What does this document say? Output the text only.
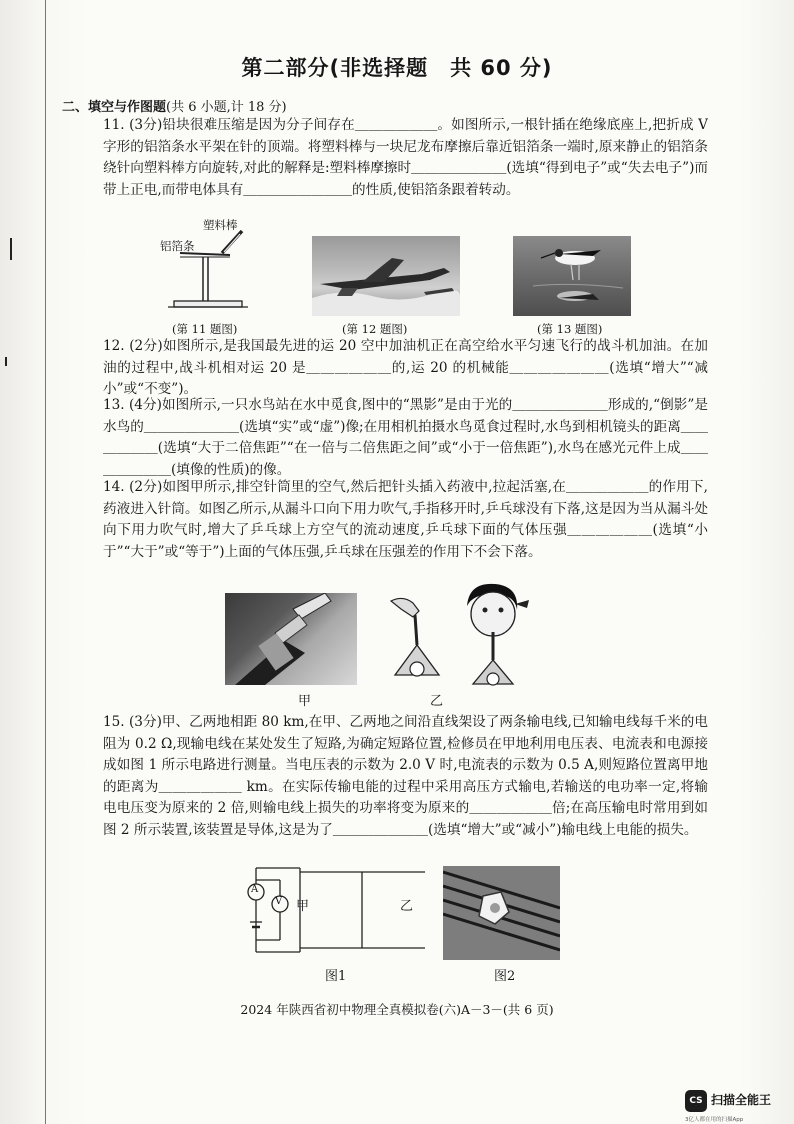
第二部分(非选择题　共 60 分)
二、填空与作图题(共 6 小题,计 18 分)
11. (3分)铅块很难压缩是因为分子间存在＿＿＿＿＿＿。如图所示,一根针插在绝缘底座上,把折成 V 字形的铝箔条水平架在针的顶端。将塑料棒与一块尼龙布摩擦后靠近铝箔条一端时,原来静止的铝箔条绕针向塑料棒方向旋转,对此的解释是:塑料棒摩擦时＿＿＿＿＿＿＿(选填“得到电子”或“失去电子”)而带上正电,而带电体具有＿＿＿＿＿＿＿＿的性质,使铝箔条跟着转动。
塑料棒
铝箔条
(第 11 题图)	(第 12 题图)	(第 13 题图)
12. (2分)如图所示,是我国最先进的运 20 空中加油机正在高空给水平匀速飞行的战斗机加油。在加油的过程中,战斗机相对运 20 是＿＿＿＿＿＿的,运 20 的机械能＿＿＿＿＿＿＿(选填“增大”“减小”或“不变”)。
13. (4分)如图所示,一只水鸟站在水中觅食,图中的“黑影”是由于光的＿＿＿＿＿＿＿形成的,“倒影”是水鸟的＿＿＿＿＿＿＿(选填“实”或“虚”)像;在用相机拍摄水鸟觅食过程时,水鸟到相机镜头的距离＿＿＿＿＿＿(选填“大于二倍焦距”“在一倍与二倍焦距之间”或“小于一倍焦距”),水鸟在感光元件上成＿＿＿＿＿＿＿(填像的性质)的像。
14. (2分)如图甲所示,排空针筒里的空气,然后把针头插入药液中,拉起活塞,在＿＿＿＿＿＿的作用下,药液进入针筒。如图乙所示,从漏斗口向下用力吹气,手指移开时,乒乓球没有下落,这是因为当从漏斗处向下用力吹气时,增大了乒乓球上方空气的流动速度,乒乓球下面的气体压强＿＿＿＿＿＿(选填“小于”“大于”或“等于”)上面的气体压强,乒乓球在压强差的作用下不会下落。
甲	乙
15. (3分)甲、乙两地相距 80 km,在甲、乙两地之间沿直线架设了两条输电线,已知输电线每千米的电阻为 0.2 Ω,现输电线在某处发生了短路,为确定短路位置,检修员在甲地利用电压表、电流表和电源接成如图 1 所示电路进行测量。当电压表的示数为 2.0 V 时,电流表的示数为 0.5 A,则短路位置离甲地的距离为＿＿＿＿＿＿ km。在实际传输电能的过程中采用高压方式输电,若输送的电功率一定,将输电电压变为原来的 2 倍,则输电线上损失的功率将变为原来的＿＿＿＿＿＿倍;在高压输电时常用到如图 2 所示装置,该装置是导体,这是为了＿＿＿＿＿＿＿(选填“增大”或“减小”)输电线上电能的损失。
A
V 甲	乙
图1	图2
2024 年陕西省初中物理全真模拟卷(六)A－3－(共 6 页)
CS 扫描全能王
3亿人都在用的扫描App
